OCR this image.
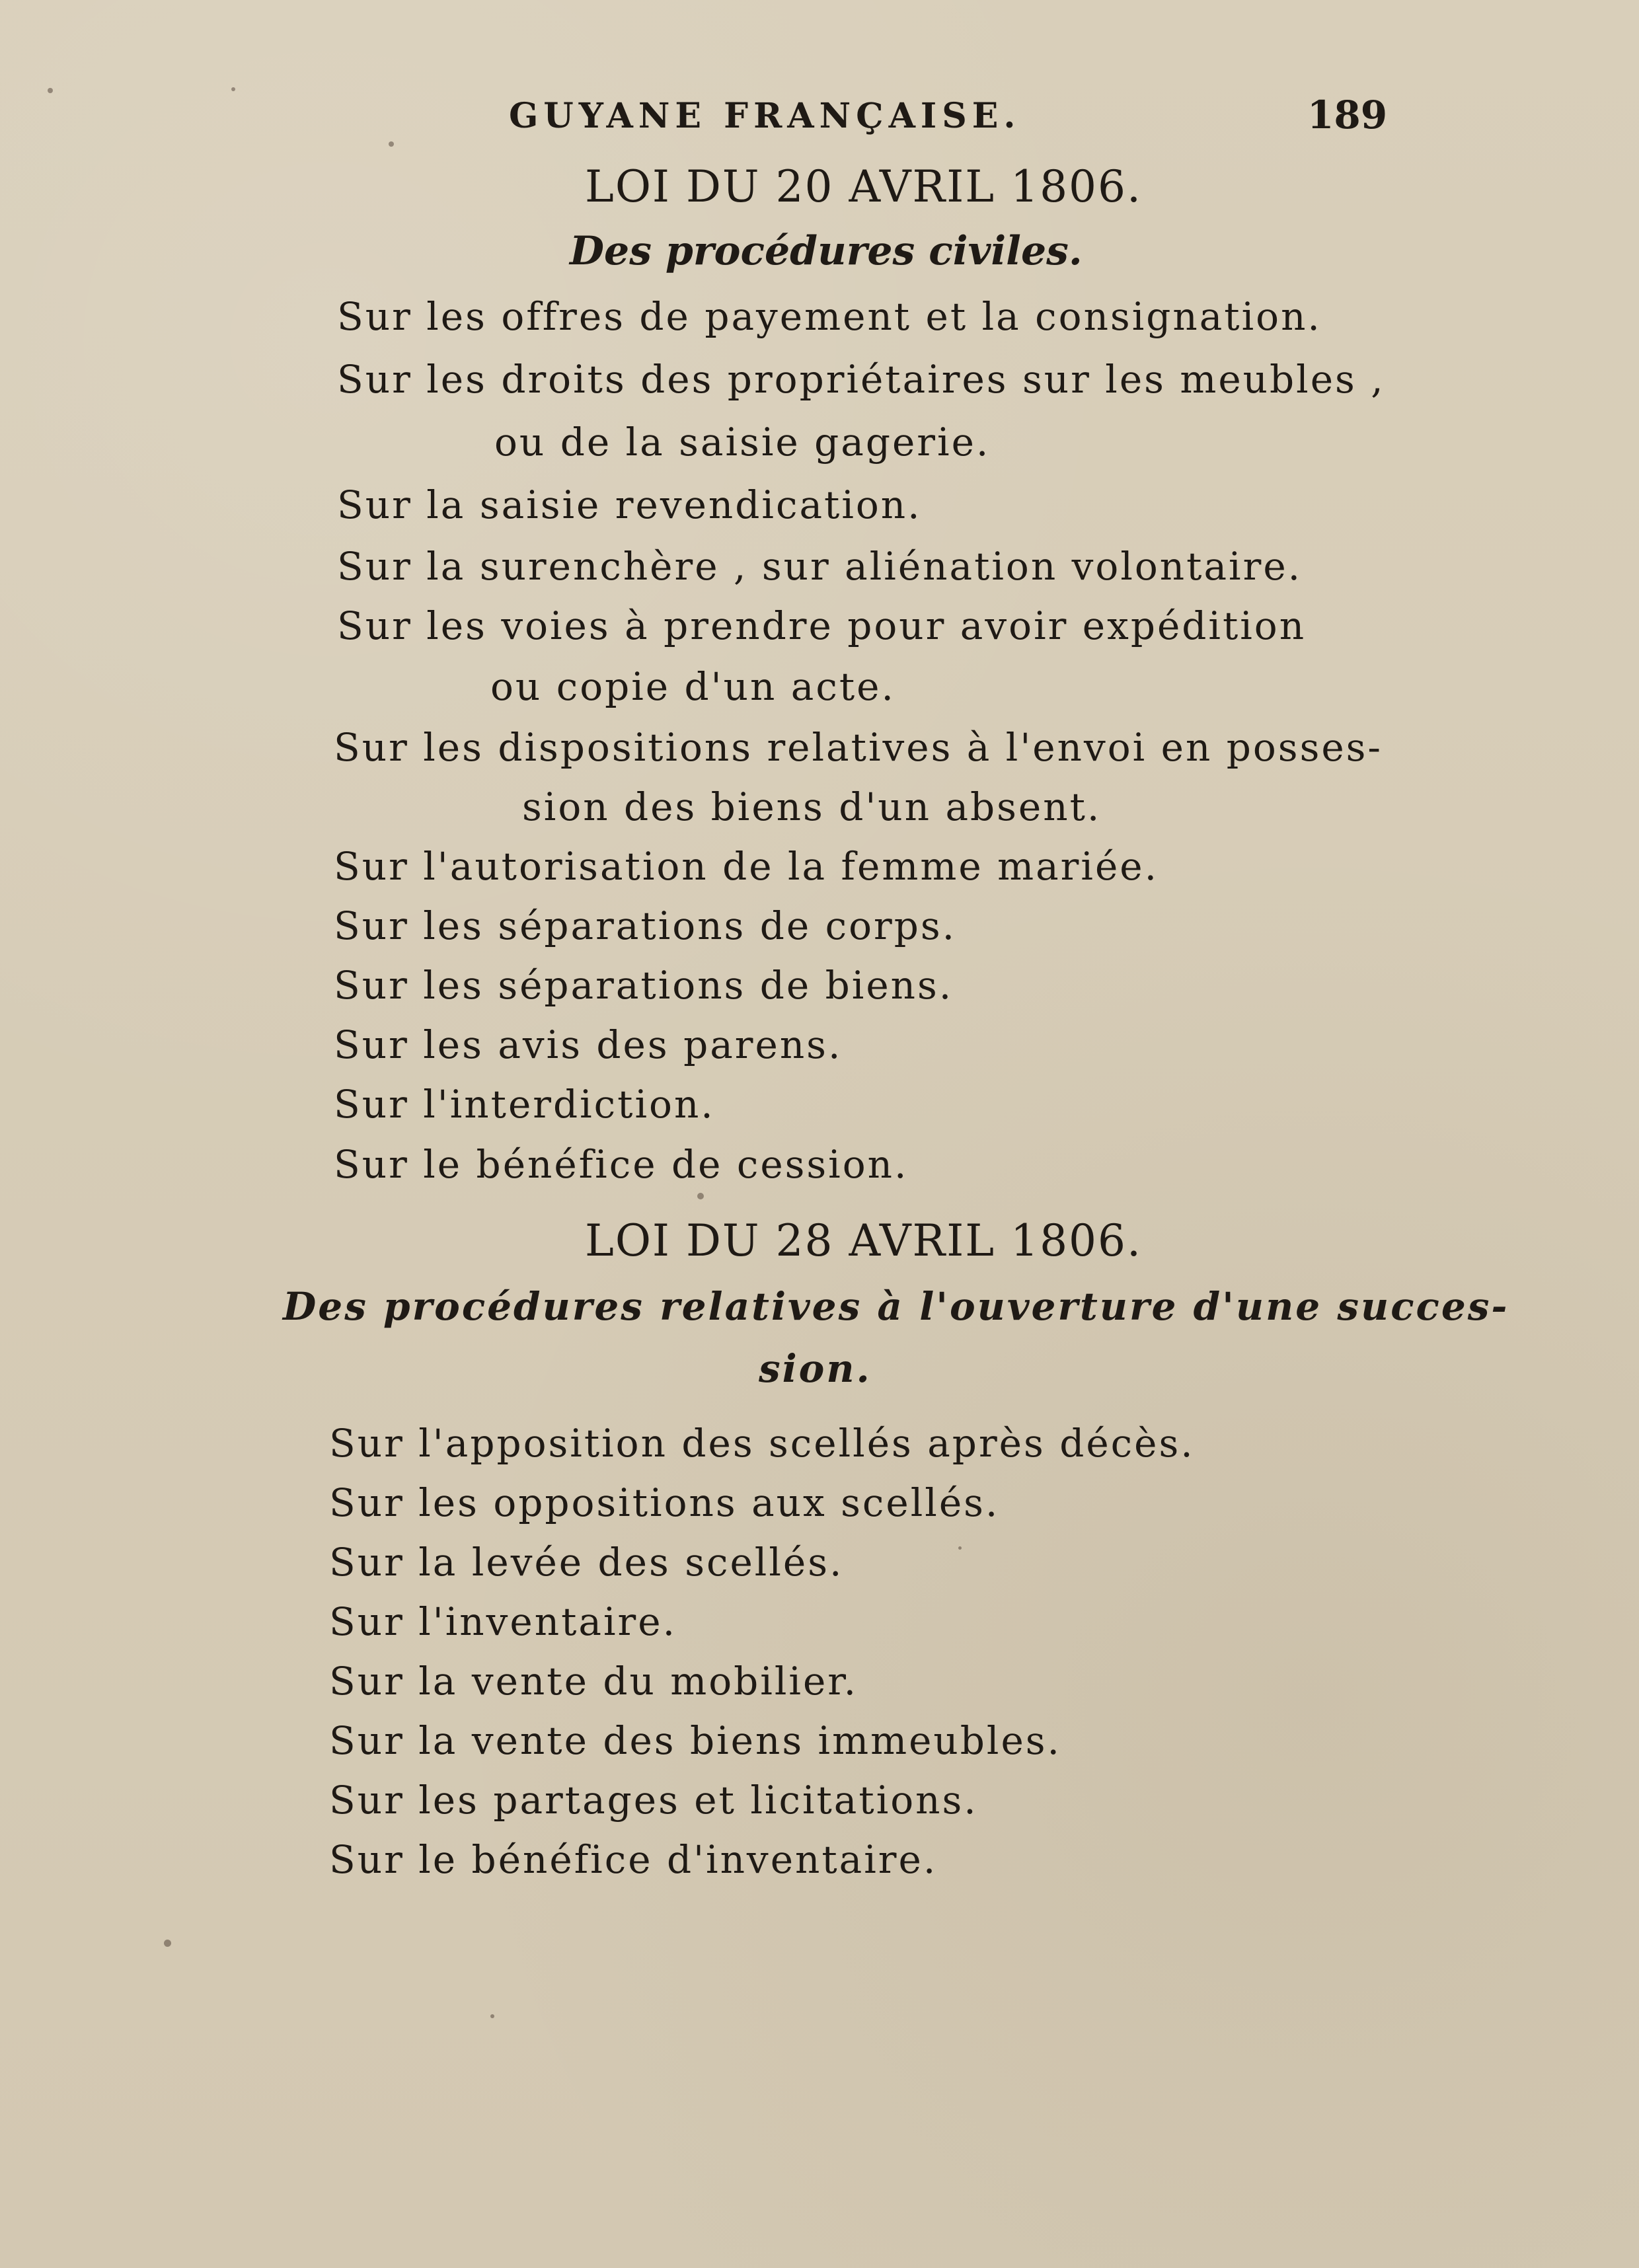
GUYANE FRANÇAISE.	189
LOI DU 20 AVRIL 1806.
Des procédures civiles.
Sur les offres de payement et la consignation.
Sur les droits des propriétaires sur les meubles ,
ou de la saisie gagerie.
Sur la saisie revendication.
Sur la surenchère , sur aliénation volontaire.
Sur les voies à prendre pour avoir expédition
ou copie d'un acte.
Sur les dispositions relatives à l'envoi en posses-
sion des biens d'un absent.
Sur l'autorisation de la femme mariée.
Sur les séparations de corps.
Sur les séparations de biens.
Sur les avis des parens.
Sur l'interdiction.
Sur le bénéfice de cession.
LOI DU 28 AVRIL 1806.
Des procédures relatives à l'ouverture d'une succes-
sion.
Sur l'apposition des scellés après décès.
Sur les oppositions aux scellés.
Sur la levée des scellés.
Sur l'inventaire.
Sur la vente du mobilier.
Sur la vente des biens immeubles.
Sur les partages et licitations.
Sur le bénéfice d'inventaire.
